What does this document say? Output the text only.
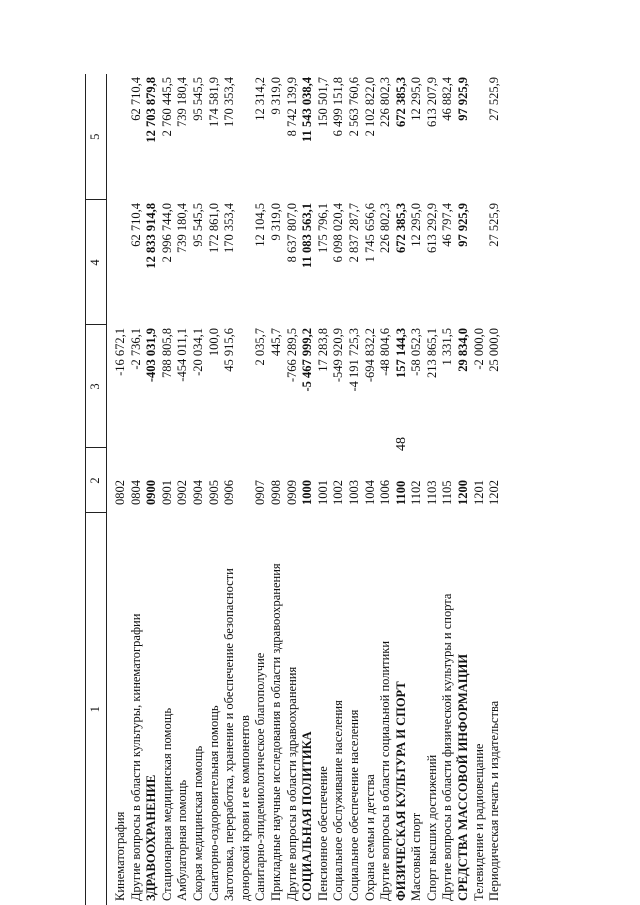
48
1	2	3	4	5
Кинематография	0802	-16 672,1		
Другие вопросы в области культуры, кинематографии	0804	-2 736,1	62 710,4	62 710,4
ЗДРАВООХРАНЕНИЕ	0900	-403 031,9	12 833 914,8	12 703 879,8
Стационарная медицинская помощь	0901	788 805,8	2 996 744,0	2 760 445,5
Амбулаторная помощь	0902	-454 011,1	739 180,4	739 180,4
Скорая медицинская помощь	0904	-20 034,1	95 545,5	95 545,5
Санаторно-оздоровительная помощь	0905	100,0	172 861,0	174 581,9
Заготовка, переработка, хранение и обеспечение безопасности донорской крови и ее компонентов	0906	45 915,6	170 353,4	170 353,4
Санитарно-эпидемиологическое благополучие	0907	2 035,7	12 104,5	12 314,2
Прикладные научные исследования в области здравоохранения	0908	445,7	9 319,0	9 319,0
Другие вопросы в области здравоохранения	0909	-766 289,5	8 637 807,0	8 742 139,9
СОЦИАЛЬНАЯ ПОЛИТИКА	1000	-5 467 999,2	11 083 563,1	11 543 038,4
Пенсионное обеспечение	1001	17 283,8	175 796,1	150 501,7
Социальное обслуживание населения	1002	-549 920,9	6 098 020,4	6 499 151,8
Социальное обеспечение населения	1003	-4 191 725,3	2 837 287,7	2 563 760,6
Охрана семьи и детства	1004	-694 832,2	1 745 656,6	2 102 822,0
Другие вопросы в области социальной политики	1006	-48 804,6	226 802,3	226 802,3
ФИЗИЧЕСКАЯ КУЛЬТУРА И СПОРТ	1100	157 144,3	672 385,3	672 385,3
Массовый спорт	1102	-58 052,3	12 295,0	12 295,0
Спорт высших достижений	1103	213 865,1	613 292,9	613 207,9
Другие вопросы в области физической культуры и спорта	1105	1 331,5	46 797,4	46 882,4
СРЕДСТВА МАССОВОЙ ИНФОРМАЦИИ	1200	29 834,0	97 925,9	97 925,9
Телевидение и радиовещание	1201	-2 000,0		
Периодическая печать и издательства	1202	25 000,0	27 525,9	27 525,9
